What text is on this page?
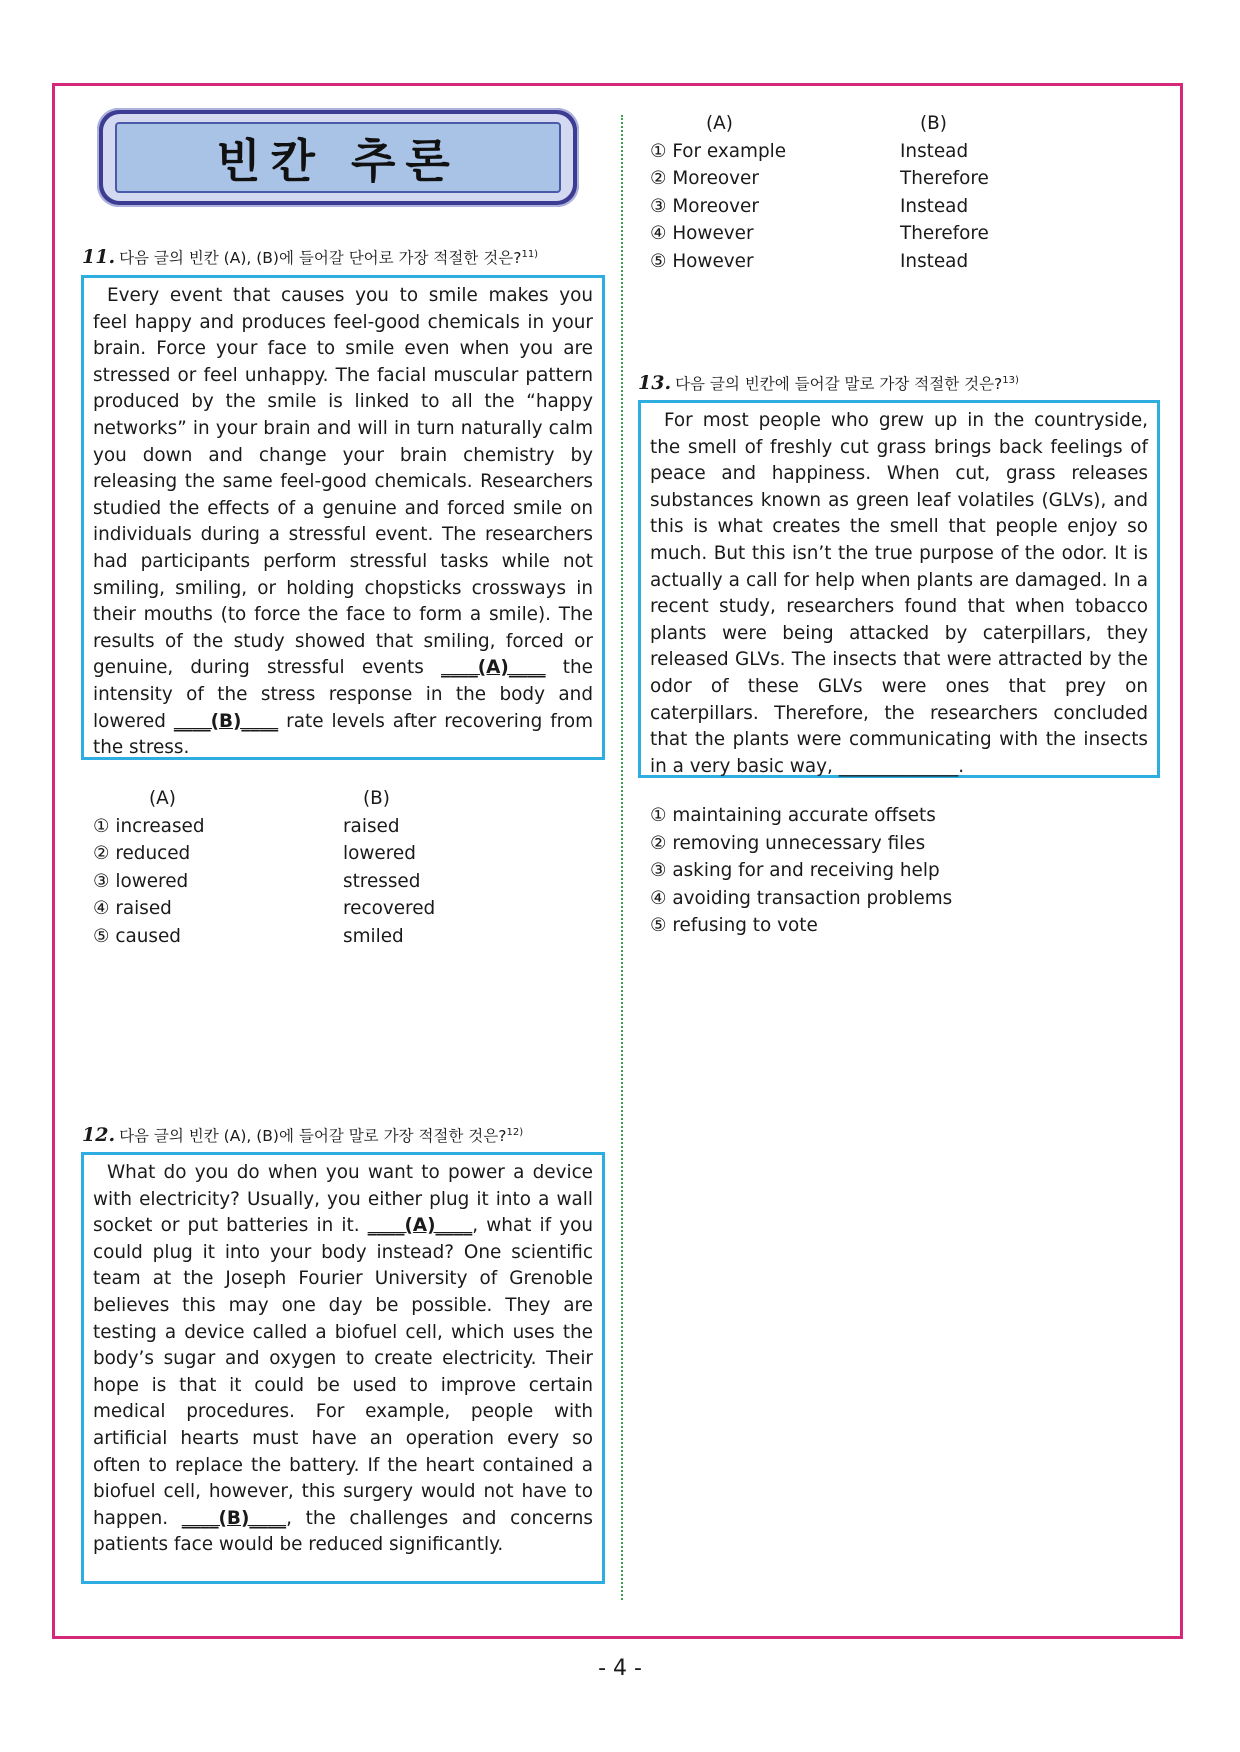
빈칸 추론
11. 다음 글의 빈칸 (A), (B)에 들어갈 단어로 가장 적절한 것은?$^{11)}$

Every event that causes you to smile makes you feel happy and produces feel-good chemicals in your brain. Force your face to smile even when you are stressed or feel unhappy. The facial muscular pattern produced by the smile is linked to all the “happy networks” in your brain and will in turn naturally calm you down and change your brain chemistry by releasing the same feel-good chemicals. Researchers studied the effects of a genuine and forced smile on individuals during a stressful event. The researchers had participants perform stressful tasks while not smiling, smiling, or holding chopsticks crossways in their mouths (to force the face to form a smile). The results of the study showed that smiling, forced or genuine, during stressful events ____(A)____ the intensity of the stress response in the body and lowered ____(B)____ rate levels after recovering from the stress.

(A)	(B)
① increased	raised
② reduced	lowered
③ lowered	stressed
④ raised	recovered
⑤ caused	smiled
12. 다음 글의 빈칸 (A), (B)에 들어갈 말로 가장 적절한 것은?$^{12)}$

What do you do when you want to power a device with electricity? Usually, you either plug it into a wall socket or put batteries in it. ____(A)____, what if you could plug it into your body instead? One scientific team at the Joseph Fourier University of Grenoble believes this may one day be possible. They are testing a device called a biofuel cell, which uses the body’s sugar and oxygen to create electricity. Their hope is that it could be used to improve certain medical procedures. For example, people with artificial hearts must have an operation every so often to replace the battery. If the heart contained a biofuel cell, however, this surgery would not have to happen. ____(B)____, the challenges and concerns patients face would be reduced significantly.

(A)	(B)
① For example	Instead
② Moreover	Therefore
③ Moreover	Instead
④ However	Therefore
⑤ However	Instead
13. 다음 글의 빈칸에 들어갈 말로 가장 적절한 것은?$^{13)}$

For most people who grew up in the countryside, the smell of freshly cut grass brings back feelings of peace and happiness. When cut, grass releases substances known as green leaf volatiles (GLVs), and this is what creates the smell that people enjoy so much. But this isn’t the true purpose of the odor. It is actually a call for help when plants are damaged. In a recent study, researchers found that when tobacco plants were being attacked by caterpillars, they released GLVs. The insects that were attracted by the odor of these GLVs were ones that prey on caterpillars. Therefore, the researchers concluded that the plants were communicating with the insects in a very basic way, _____________.

① maintaining accurate offsets
② removing unnecessary files
③ asking for and receiving help
④ avoiding transaction problems
⑤ refusing to vote
- 4 -
